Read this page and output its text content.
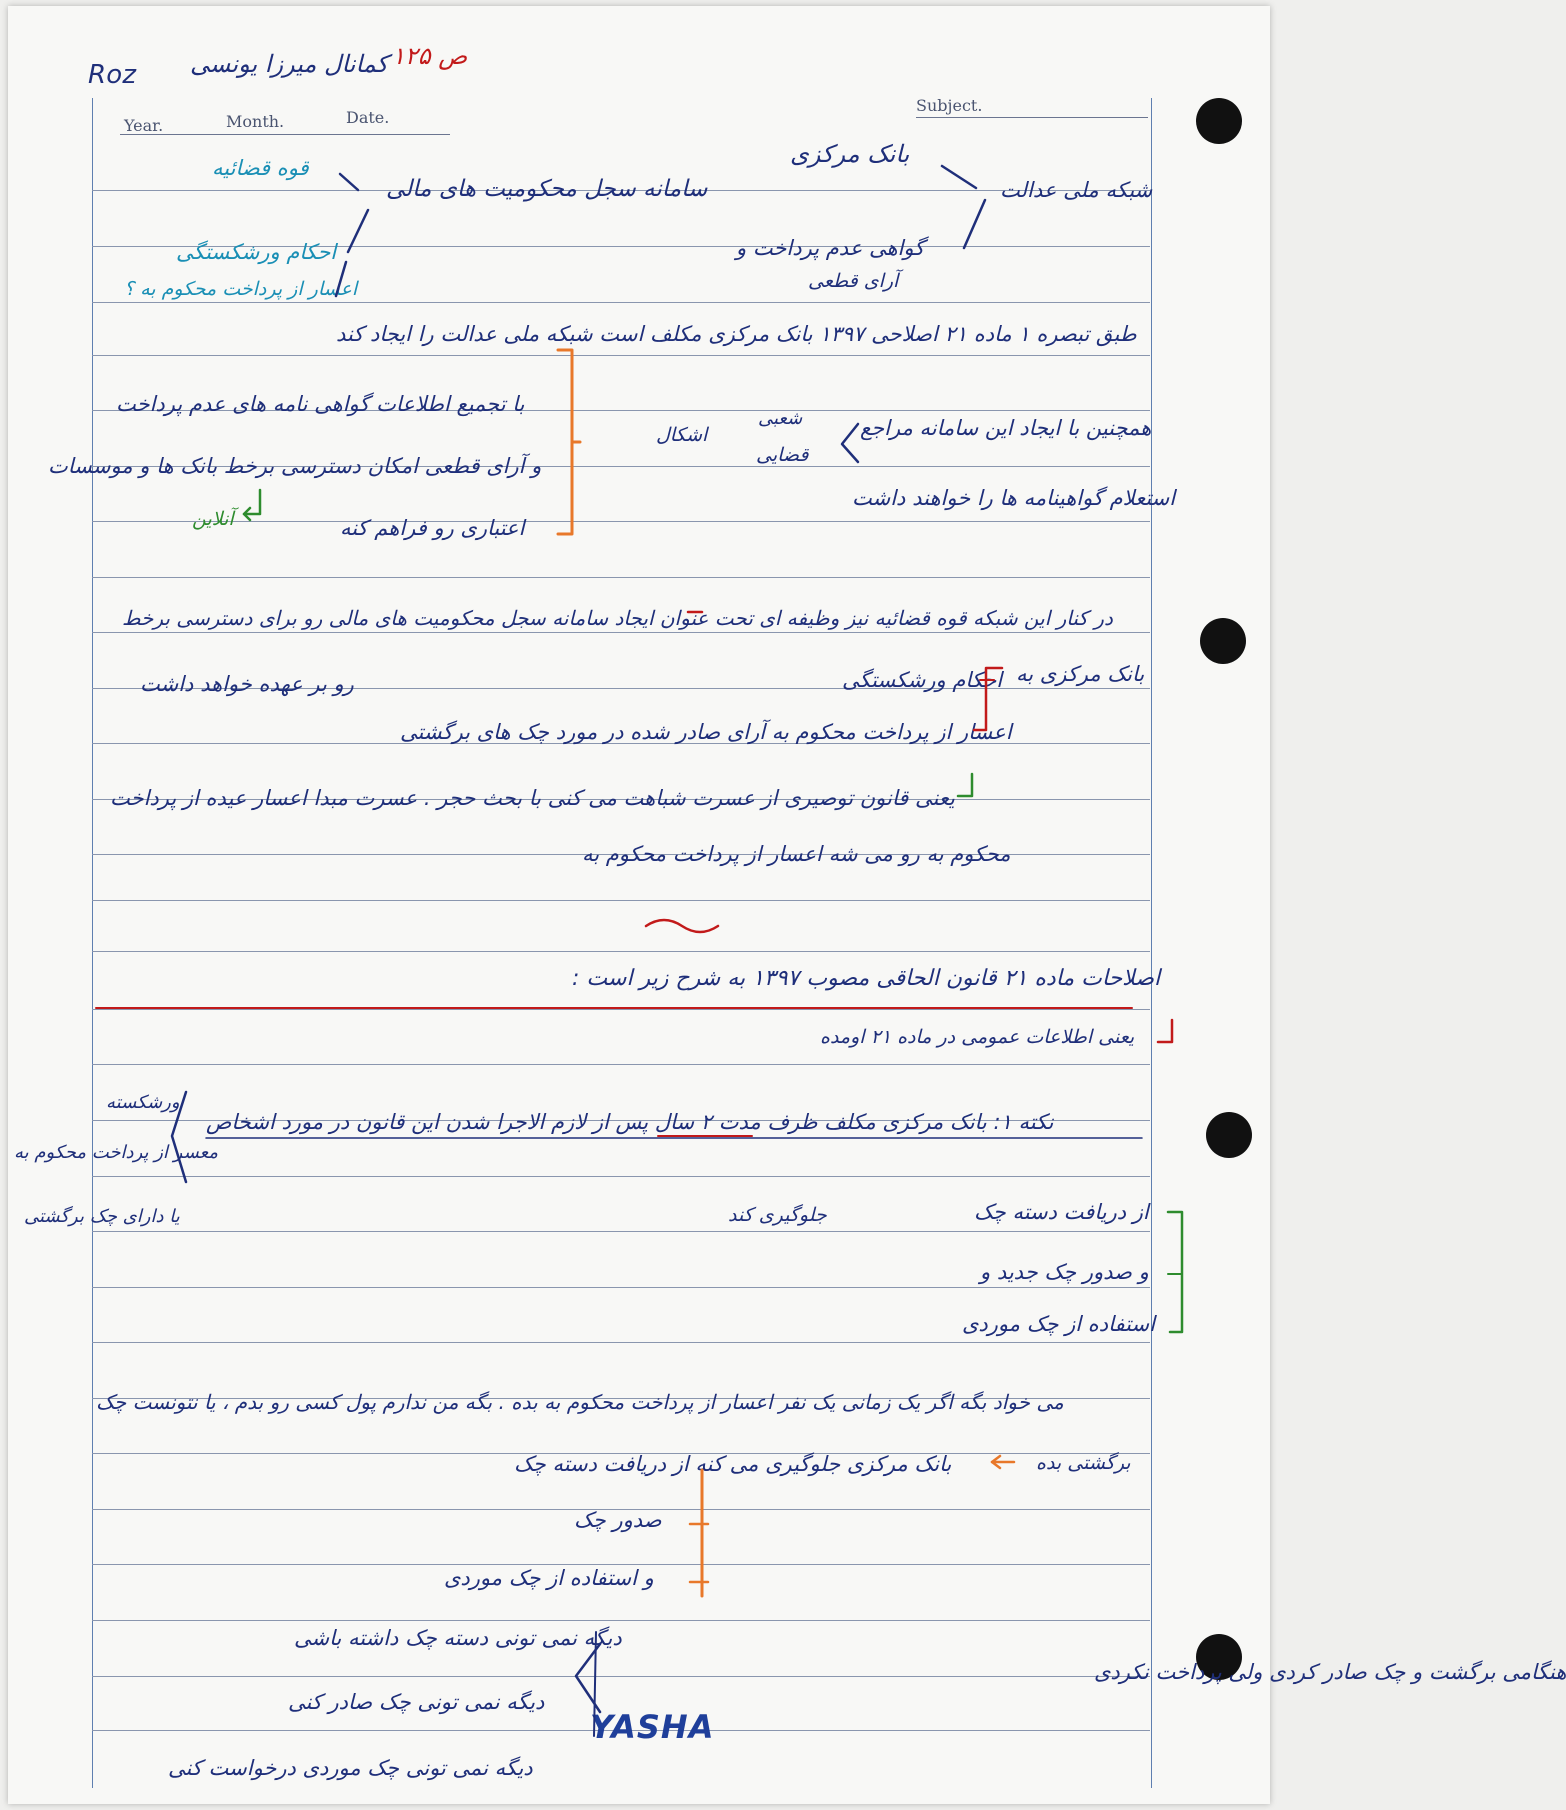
Year.	Month.	Date.
Subject.
Roz کمانال میرزا یونسی ص ۱۲۵
بانک مرکزی
قوه قضائیه
سامانه سجل محکومیت های مالی	شبکه ملی عدالت
گواهی عدم پرداخت و
آرای قطعی
احکام ورشکستگی
اعسار از پرداخت محکوم به ؟
طبق تبصره ۱ ماده ۲۱ اصلاحی ۱۳۹۷ بانک مرکزی مکلف است شبکه ملی عدالت را ایجاد کند
با تجمیع اطلاعات گواهی نامه های عدم پرداخت
شعبی	همچنین با ایجاد این سامانه مراجع
اشکال
قضایی
و آرای قطعی امکان دسترسی برخط بانک ها و موسسات
استعلام گواهینامه ها را خواهند داشت
اعتباری رو فراهم کنه
آنلاین
در کنار این شبکه قوه قضائیه نیز وظیفه ای تحت عنوان ایجاد سامانه سجل محکومیت های مالی رو برای دسترسی برخط
بانک مرکزی به
احکام ورشکستگی
رو بر عهده خواهد داشت
اعسار از پرداخت محکوم به آرای صادر شده در مورد چک های برگشتی
یعنی قانون توصیری از عسرت شباهت می کنی با بحث حجر . عسرت مبدا اعسار عیده از پرداخت
محکوم به رو می شه اعسار از پرداخت محکوم به
اصلاحات ماده ۲۱ قانون الحاقی مصوب ۱۳۹۷ به شرح زیر است :
یعنی اطلاعات عمومی در ماده ۲۱ اومده
نکته ۱: بانک مرکزی مکلف ظرف مدت ۲ سال پس از لازم الاجرا شدن این قانون در مورد اشخاص
ورشکسته
معسر از پرداخت محکوم به
یا دارای چک برگشتی	از دریافت دسته چک
جلوگیری کند
و صدور چک جدید و
استفاده از چک موردی
می خواد بگه اگر یک زمانی یک نفر اعسار از پرداخت محکوم به بده . بگه من ندارم پول کسی رو بدم ، یا نتونست چک
بانک مرکزی جلوگیری می کنه از دریافت دسته چک	برگشتی بده
صدور چک
و استفاده از چک موردی
دیگه نمی تونی دسته چک داشته باشی
هنگامی برگشت و چک صادر کردی ولی پرداخت نکردی
دیگه نمی تونی چک صادر کنی
دیگه نمی تونی چک موردی درخواست کنی
YASHA
